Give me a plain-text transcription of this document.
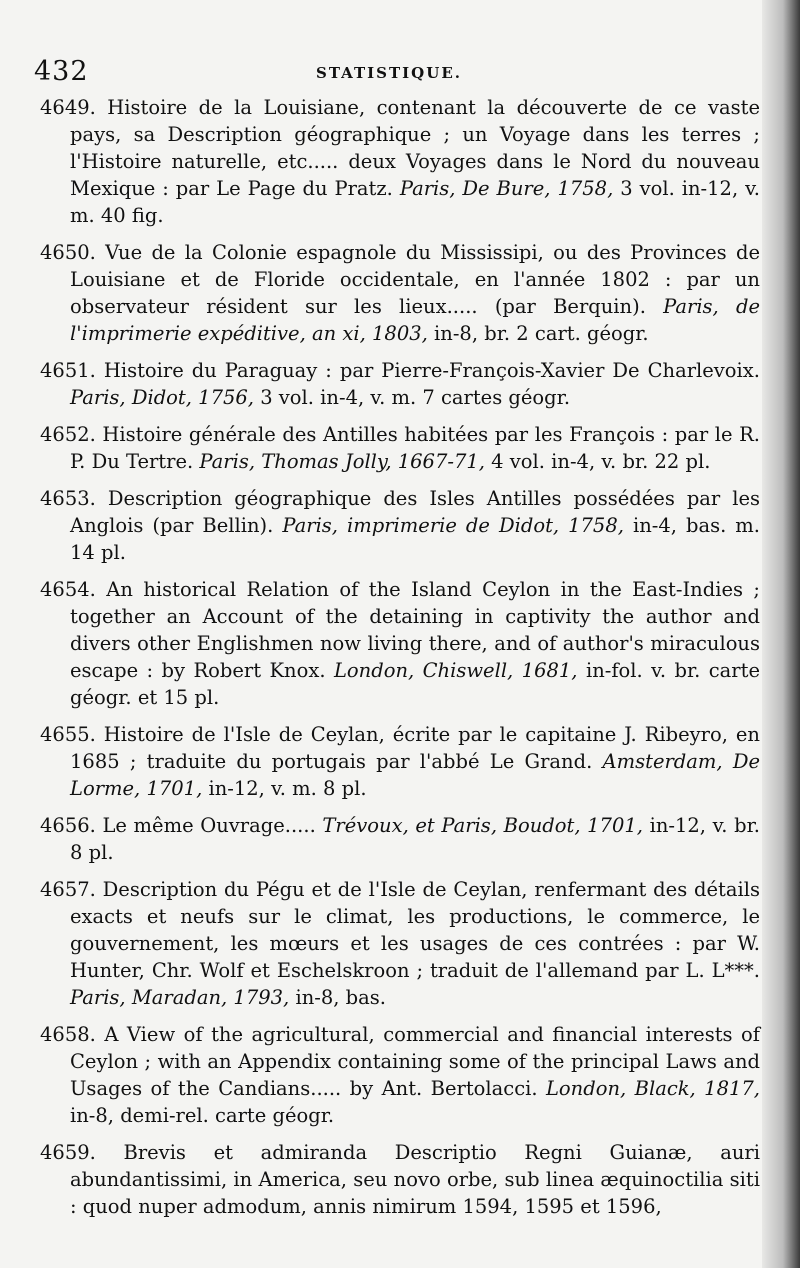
432	STATISTIQUE.
4649. Histoire de la Louisiane, contenant la découverte de ce vaste pays, sa Description géographique ; un Voyage dans les terres ; l'Histoire naturelle, etc..... deux Voyages dans le Nord du nouveau Mexique : par Le Page du Pratz. Paris, De Bure, 1758, 3 vol. in-12, v. m. 40 fig.
4650. Vue de la Colonie espagnole du Mississipi, ou des Provinces de Louisiane et de Floride occidentale, en l'année 1802 : par un observateur résident sur les lieux..... (par Berquin). Paris, de l'imprimerie expéditive, an xi, 1803, in-8, br. 2 cart. géogr.
4651. Histoire du Paraguay : par Pierre-François-Xavier De Charlevoix. Paris, Didot, 1756, 3 vol. in-4, v. m. 7 cartes géogr.
4652. Histoire générale des Antilles habitées par les François : par le R. P. Du Tertre. Paris, Thomas Jolly, 1667-71, 4 vol. in-4, v. br. 22 pl.
4653. Description géographique des Isles Antilles possédées par les Anglois (par Bellin). Paris, imprimerie de Didot, 1758, in-4, bas. m. 14 pl.
4654. An historical Relation of the Island Ceylon in the East-Indies ; together an Account of the detaining in captivity the author and divers other Englishmen now living there, and of author's miraculous escape : by Robert Knox. London, Chiswell, 1681, in-fol. v. br. carte géogr. et 15 pl.
4655. Histoire de l'Isle de Ceylan, écrite par le capitaine J. Ribeyro, en 1685 ; traduite du portugais par l'abbé Le Grand. Amsterdam, De Lorme, 1701, in-12, v. m. 8 pl.
4656. Le même Ouvrage..... Trévoux, et Paris, Boudot, 1701, in-12, v. br. 8 pl.
4657. Description du Pégu et de l'Isle de Ceylan, renfermant des détails exacts et neufs sur le climat, les productions, le commerce, le gouvernement, les mœurs et les usages de ces contrées : par W. Hunter, Chr. Wolf et Eschelskroon ; traduit de l'allemand par L. L***. Paris, Maradan, 1793, in-8, bas.
4658. A View of the agricultural, commercial and financial interests of Ceylon ; with an Appendix containing some of the principal Laws and Usages of the Candians..... by Ant. Bertolacci. London, Black, 1817, in-8, demi-rel. carte géogr.
4659. Brevis et admiranda Descriptio Regni Guianæ, auri abundantissimi, in America, seu novo orbe, sub linea æquinoctilia siti : quod nuper admodum, annis nimirum 1594, 1595 et 1596,
